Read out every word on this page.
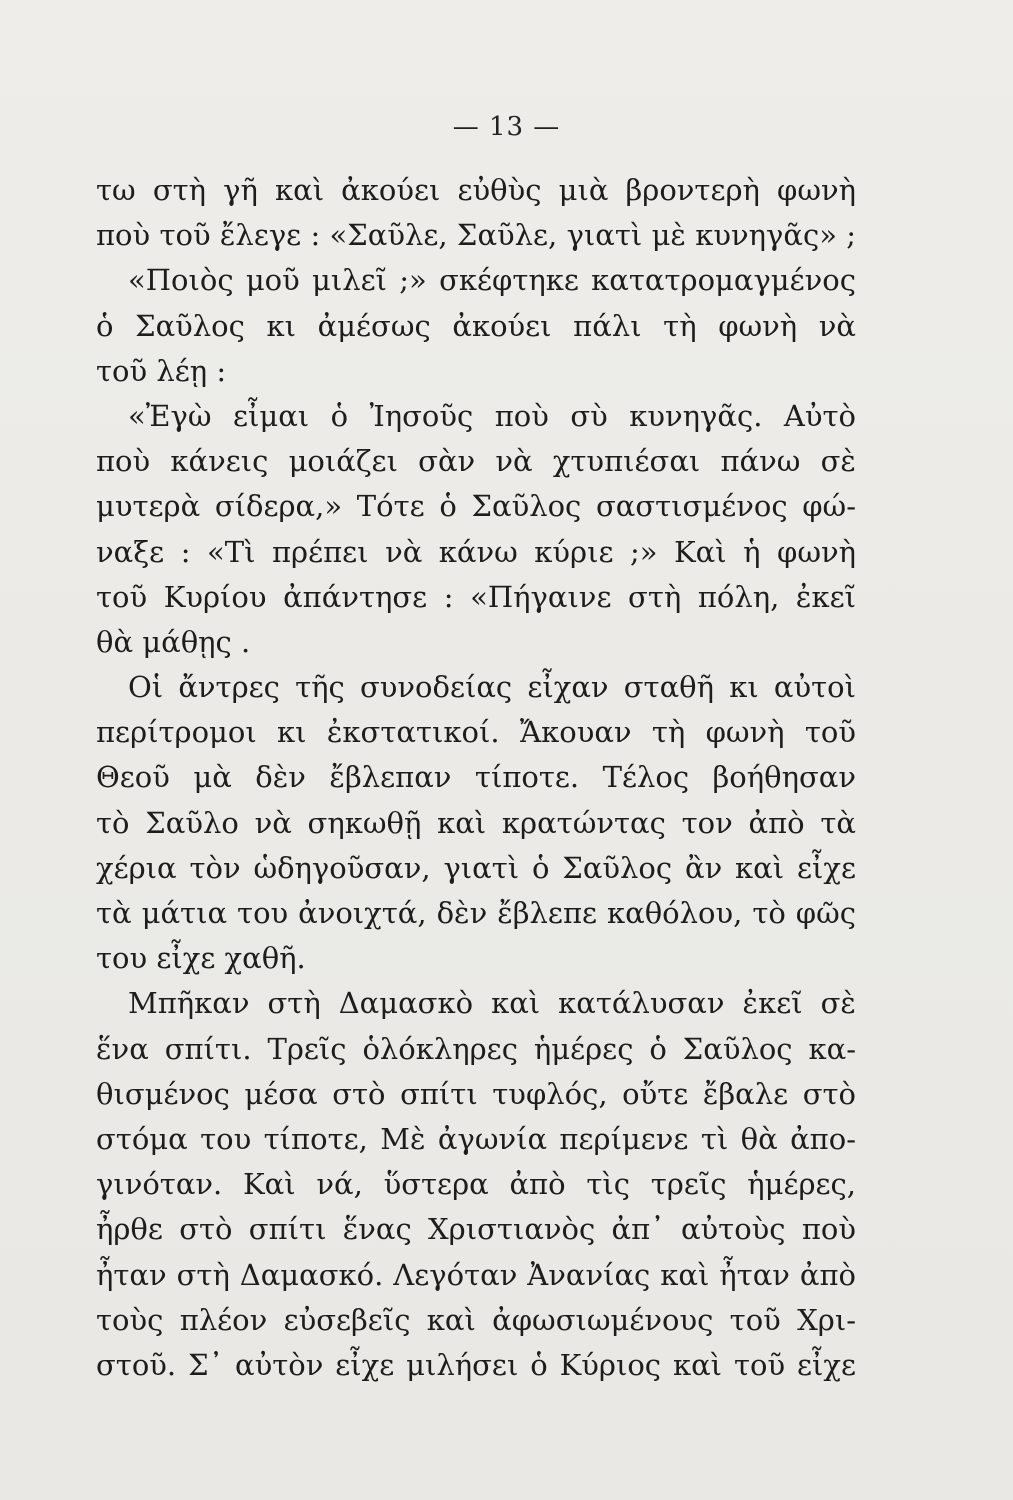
— 13 —
τω στὴ γῆ καὶ ἀκούει εὐθὺς μιὰ βροντερὴ φωνὴ
ποὺ τοῦ ἔλεγε : «Σαῦλε, Σαῦλε, γιατὶ μὲ κυνηγᾶς» ;
«Ποιὸς μοῦ μιλεῖ ;» σκέφτηκε κατατρομαγμένος
ὁ Σαῦλος κι ἀμέσως ἀκούει πάλι τὴ φωνὴ νὰ
τοῦ λέῃ :
«Ἐγὼ εἶμαι ὁ Ἰησοῦς ποὺ σὺ κυνηγᾶς. Αὐτὸ
ποὺ κάνεις μοιάζει σὰν νὰ χτυπιέσαι πάνω σὲ
μυτερὰ σίδερα,» Τότε ὁ Σαῦλος σαστισμένος φώ-
ναξε : «Τὶ πρέπει νὰ κάνω κύριε ;» Καὶ ἡ φωνὴ
τοῦ Κυρίου ἀπάντησε : «Πήγαινε στὴ πόλη, ἐκεῖ
θὰ μάθῃς .
Οἱ ἄντρες τῆς συνοδείας εἶχαν σταθῆ κι αὐτοὶ
περίτρομοι κι ἐκστατικοί. Ἄκουαν τὴ φωνὴ τοῦ
Θεοῦ μὰ δὲν ἔβλεπαν τίποτε. Τέλος βοήθησαν
τὸ Σαῦλο νὰ σηκωθῇ καὶ κρατώντας τον ἀπὸ τὰ
χέρια τὸν ὡδηγοῦσαν, γιατὶ ὁ Σαῦλος ἂν καὶ εἶχε
τὰ μάτια του ἀνοιχτά, δὲν ἔβλεπε καθόλου, τὸ φῶς
του εἶχε χαθῆ.
Μπῆκαν στὴ Δαμασκὸ καὶ κατάλυσαν ἐκεῖ σὲ
ἕνα σπίτι. Τρεῖς ὁλόκληρες ἡμέρες ὁ Σαῦλος κα-
θισμένος μέσα στὸ σπίτι τυφλός, οὔτε ἔβαλε στὸ
στόμα του τίποτε, Μὲ ἀγωνία περίμενε τὶ θὰ ἀπο-
γινόταν. Καὶ νά, ὕστερα ἀπὸ τὶς τρεῖς ἡμέρες,
ἦρθε στὸ σπίτι ἕνας Χριστιανὸς ἀπ᾽ αὐτοὺς ποὺ
ἦταν στὴ Δαμασκό. Λεγόταν Ἀνανίας καὶ ἦταν ἀπὸ
τοὺς πλέον εὐσεβεῖς καὶ ἀφωσιωμένους τοῦ Χρι-
στοῦ. Σ᾽ αὐτὸν εἶχε μιλήσει ὁ Κύριος καὶ τοῦ εἶχε
